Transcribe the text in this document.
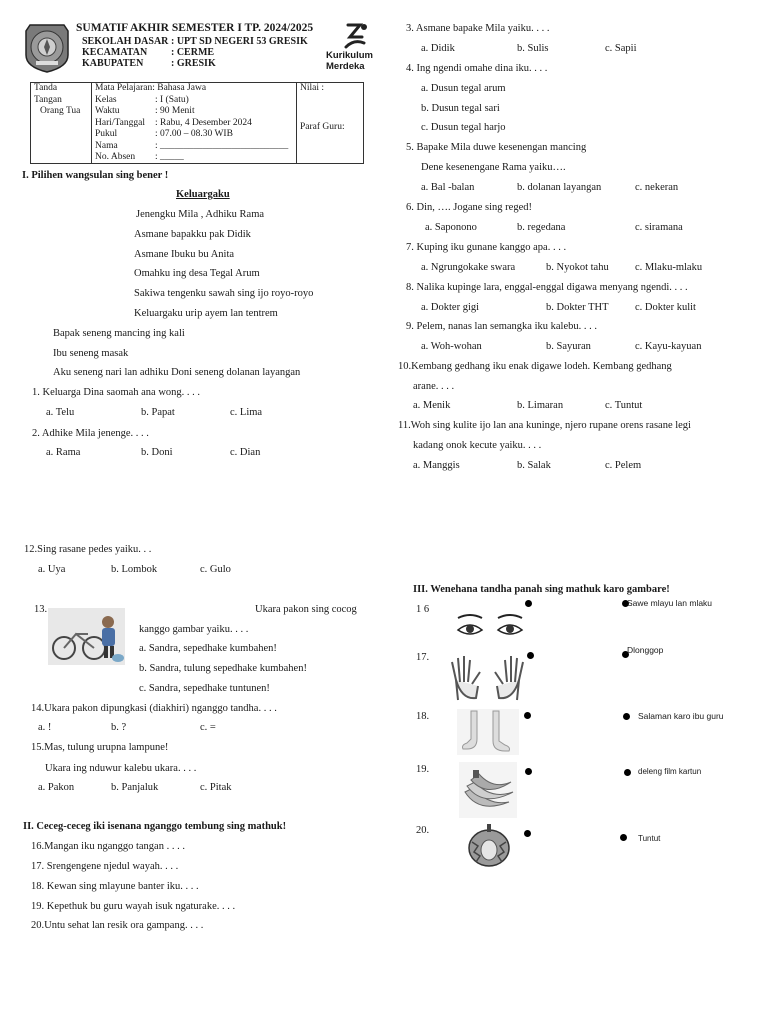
SUMATIF AKHIR SEMESTER I TP. 2024/2025
SEKOLAH DASAR : UPT SD NEGERI 53 GRESIK
KECAMATAN : CERME
KABUPATEN	: GRESIK
Kurikulum
Merdeka
Tanda
Tangan
Orang Tua

Mata Pelajaran: Bahasa Jawa
Kelas	: I (Satu)
Waktu	: 90 Menit
Hari/Tanggal : Rabu, 4 Desember 2024
Pukul	: 07.00 – 08.30 WIB
Nama	: ___________________________
No. Absen : _____

Nilai :
Paraf Guru:
I. Pilihen wangsulan sing bener !
Keluargaku
Jenengku Mila , Adhiku Rama
Asmane bapakku pak Didik
Asmane Ibuku bu Anita
Omahku ing desa Tegal Arum
Sakiwa tengenku sawah sing ijo royo-royo
Keluargaku urip ayem lan tentrem
Bapak seneng mancing ing kali
Ibu seneng masak
Aku seneng nari lan adhiku Doni seneng dolanan layangan
1. Keluarga Dina saomah ana wong. . . .
a. Telu	b. Papat	c. Lima
2. Adhike Mila jenenge. . . .
a. Rama	b. Doni	c. Dian
3. Asmane bapake Mila yaiku. . . .
a. Didik	b. Sulis	c. Sapii
4. Ing ngendi omahe dina iku. . . .
a. Dusun tegal arum
b. Dusun tegal sari
c. Dusun tegal harjo
5. Bapake Mila duwe kesenengan mancing
Dene kesenengane Rama yaiku….
a. Bal -balan	b. dolanan layangan	c. nekeran
6. Din, …. Jogane sing reged!
a. Saponono	b. regedana	c. siramana
7. Kuping iku gunane kanggo apa. . . .
a. Ngrungokake swara	b. Nyokot tahu	c. Mlaku-mlaku
8. Nalika kupinge lara, enggal-enggal digawa menyang ngendi. . . .
a. Dokter gigi	b. Dokter THT	c. Dokter kulit
9. Pelem, nanas lan semangka iku kalebu. . . .
a. Woh-wohan	b. Sayuran	c. Kayu-kayuan
10.Kembang gedhang iku enak digawe lodeh. Kembang gedhang
arane. . . .
a. Menik	b. Limaran	c. Tuntut
11.Woh sing kulite ijo lan ana kuninge, njero rupane orens rasane legi
kadang onok kecute yaiku. . . .
a. Manggis	b. Salak	c. Pelem
12.Sing rasane pedes yaiku. . .
a. Uya	b. Lombok	c. Gulo
13.	Ukara pakon sing cocog
kanggo gambar yaiku. . . .
a. Sandra, sepedhake kumbahen!
b. Sandra, tulung sepedhake kumbahen!
c. Sandra, sepedhake tuntunen!
14.Ukara pakon dipungkasi (diakhiri) nganggo tandha. . . .
a. !	b. ?	c. =
15.Mas, tulung urupna lampune!
Ukara ing nduwur kalebu ukara. . . .
a. Pakon	b. Panjaluk	c. Pitak
II. Ceceg-ceceg iki isenana nganggo tembung sing mathuk!
16.Mangan iku nganggo tangan . . . .
17. Srengengene njedul wayah. . . .
18. Kewan sing mlayune banter iku. . . .
19. Kepethuk bu guru wayah isuk ngaturake. . . .
20.Untu sehat lan resik ora gampang. . . .
III. Wenehana tandha panah sing mathuk karo gambare!
1 6
17.
18.
19.
20.
Sawe mlayu lan mlaku
Dlonggop
Salaman karo ibu guru
deleng film kartun
Tuntut
